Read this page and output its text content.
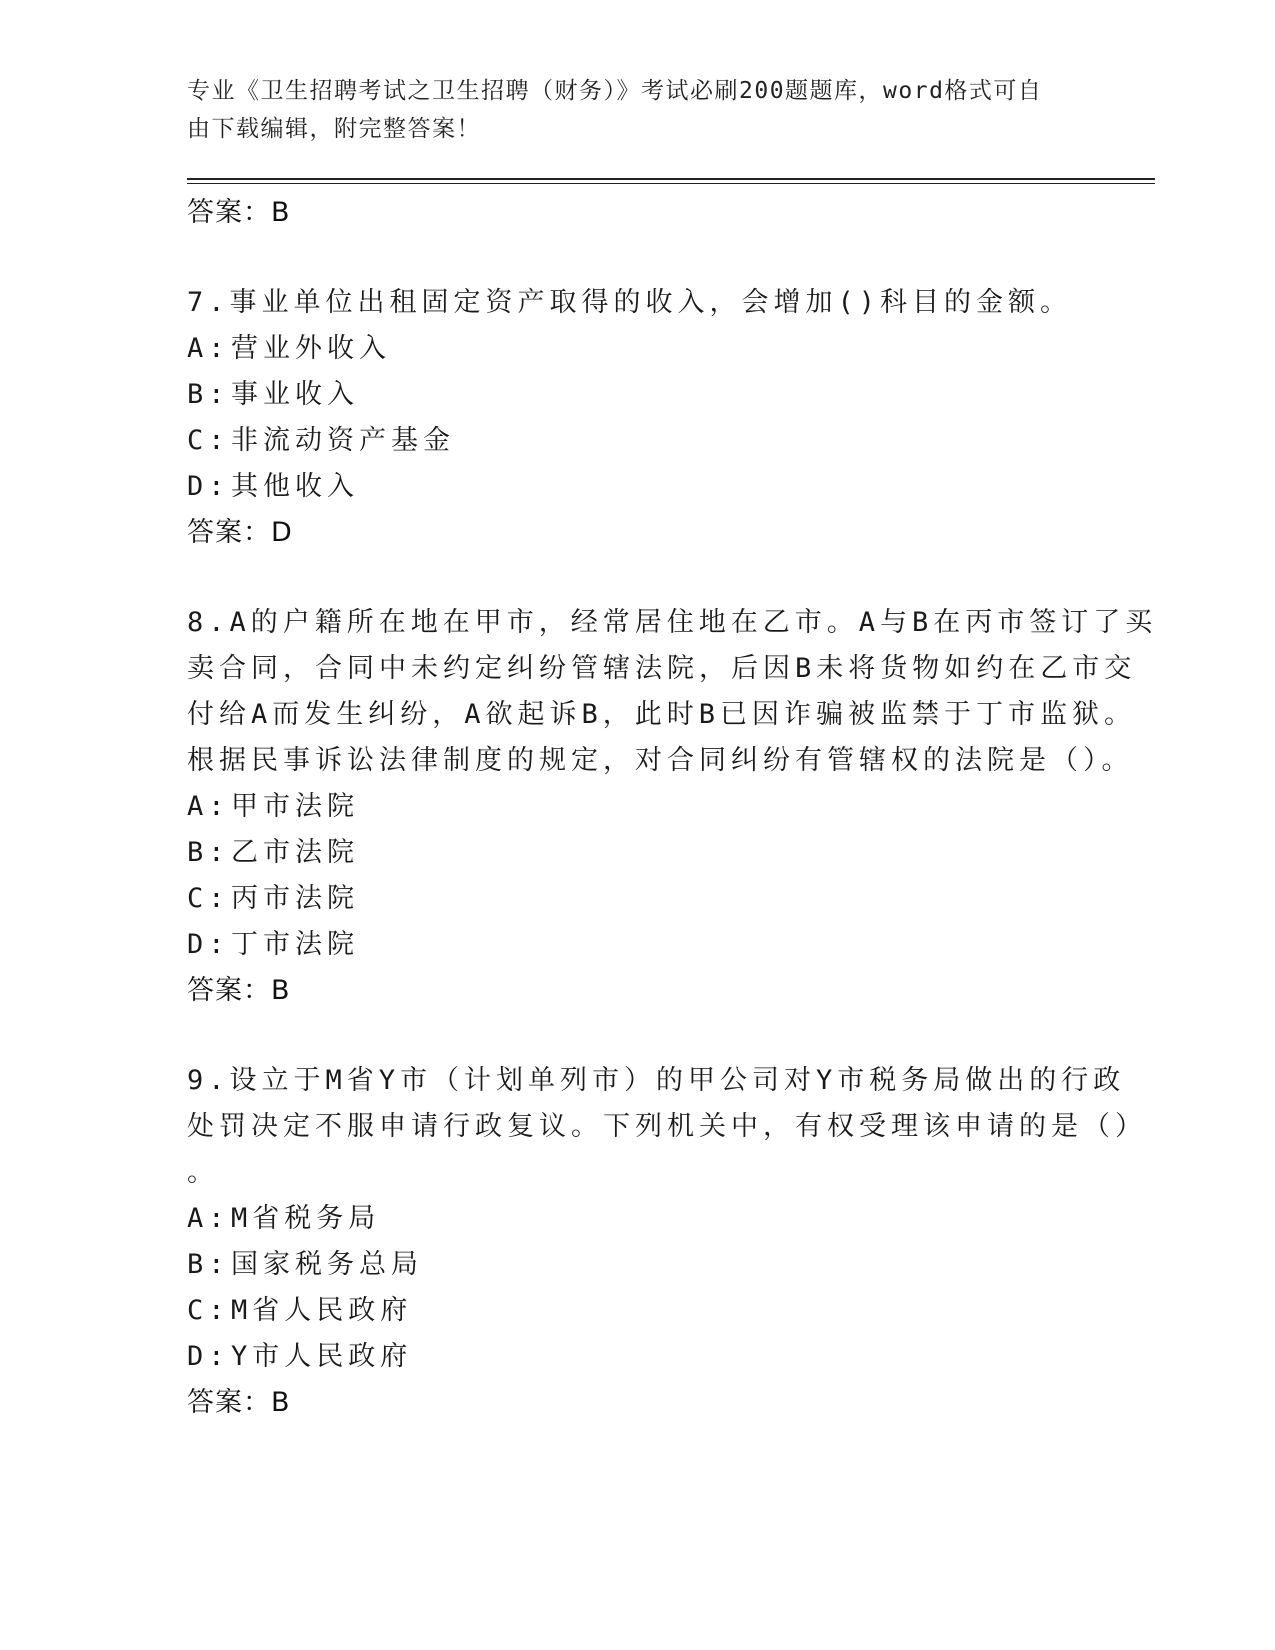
专业《卫生招聘考试之卫生招聘（财务）》考试必刷200题题库，word格式可自
由下载编辑，附完整答案！
答案：B
7.事业单位出租固定资产取得的收入，会增加()科目的金额。
A:营业外收入
B:事业收入
C:非流动资产基金
D:其他收入
答案：D
8.A的户籍所在地在甲市，经常居住地在乙市。A与B在丙市签订了买
卖合同，合同中未约定纠纷管辖法院，后因B未将货物如约在乙市交
付给A而发生纠纷，A欲起诉B，此时B已因诈骗被监禁于丁市监狱。
根据民事诉讼法律制度的规定，对合同纠纷有管辖权的法院是（）。
A:甲市法院
B:乙市法院
C:丙市法院
D:丁市法院
答案：B
9.设立于M省Y市（计划单列市）的甲公司对Y市税务局做出的行政
处罚决定不服申请行政复议。下列机关中，有权受理该申请的是（）
。
A:M省税务局
B:国家税务总局
C:M省人民政府
D:Y市人民政府
答案：B
